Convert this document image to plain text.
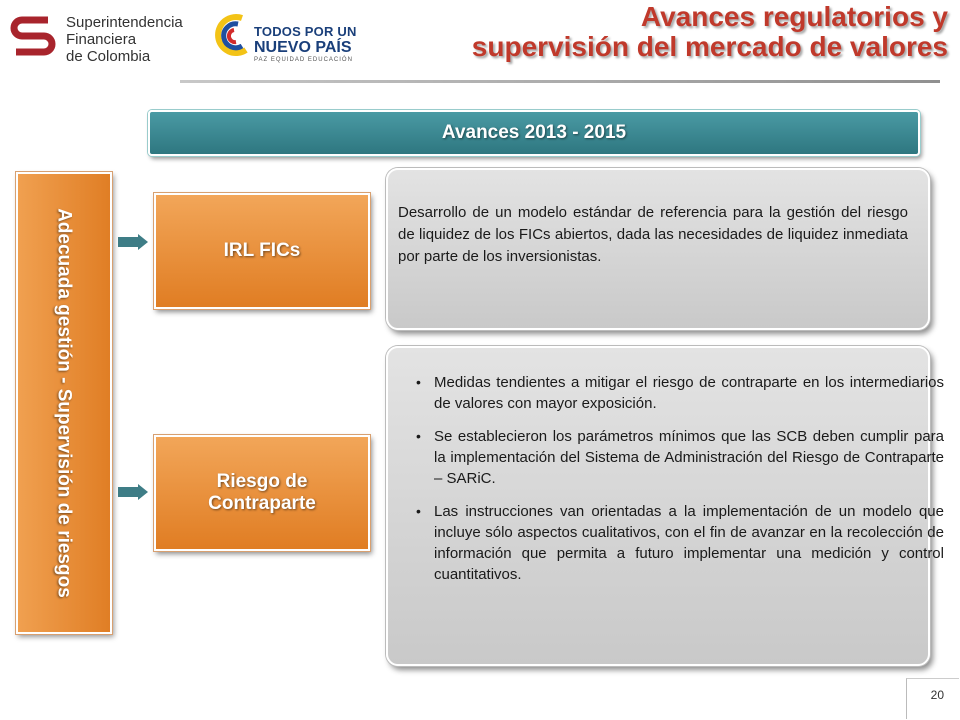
Superintendencia
Financiera
de Colombia
TODOS POR UN
NUEVO PAÍS
PAZ EQUIDAD EDUCACIÓN
Avances regulatorios y
supervisión del mercado de valores
Avances 2013 - 2015
Adecuada gestión - Supervisión de riesgos	IRL FICs
Riesgo de Contraparte
Desarrollo de un modelo estándar de referencia para la gestión del riesgo de liquidez de los FICs abiertos, dada las necesidades de liquidez inmediata por parte de los inversionistas.
• Medidas tendientes a mitigar el riesgo de contraparte en los intermediarios de valores con mayor exposición.
• Se establecieron los parámetros mínimos que las SCB deben cumplir para la implementación del Sistema de Administración del Riesgo de Contraparte – SARiC.
• Las instrucciones van orientadas a la implementación de un modelo que incluye sólo aspectos cualitativos, con el fin de avanzar en la recolección de información que permita a futuro implementar una medición y control cuantitativos.
20
